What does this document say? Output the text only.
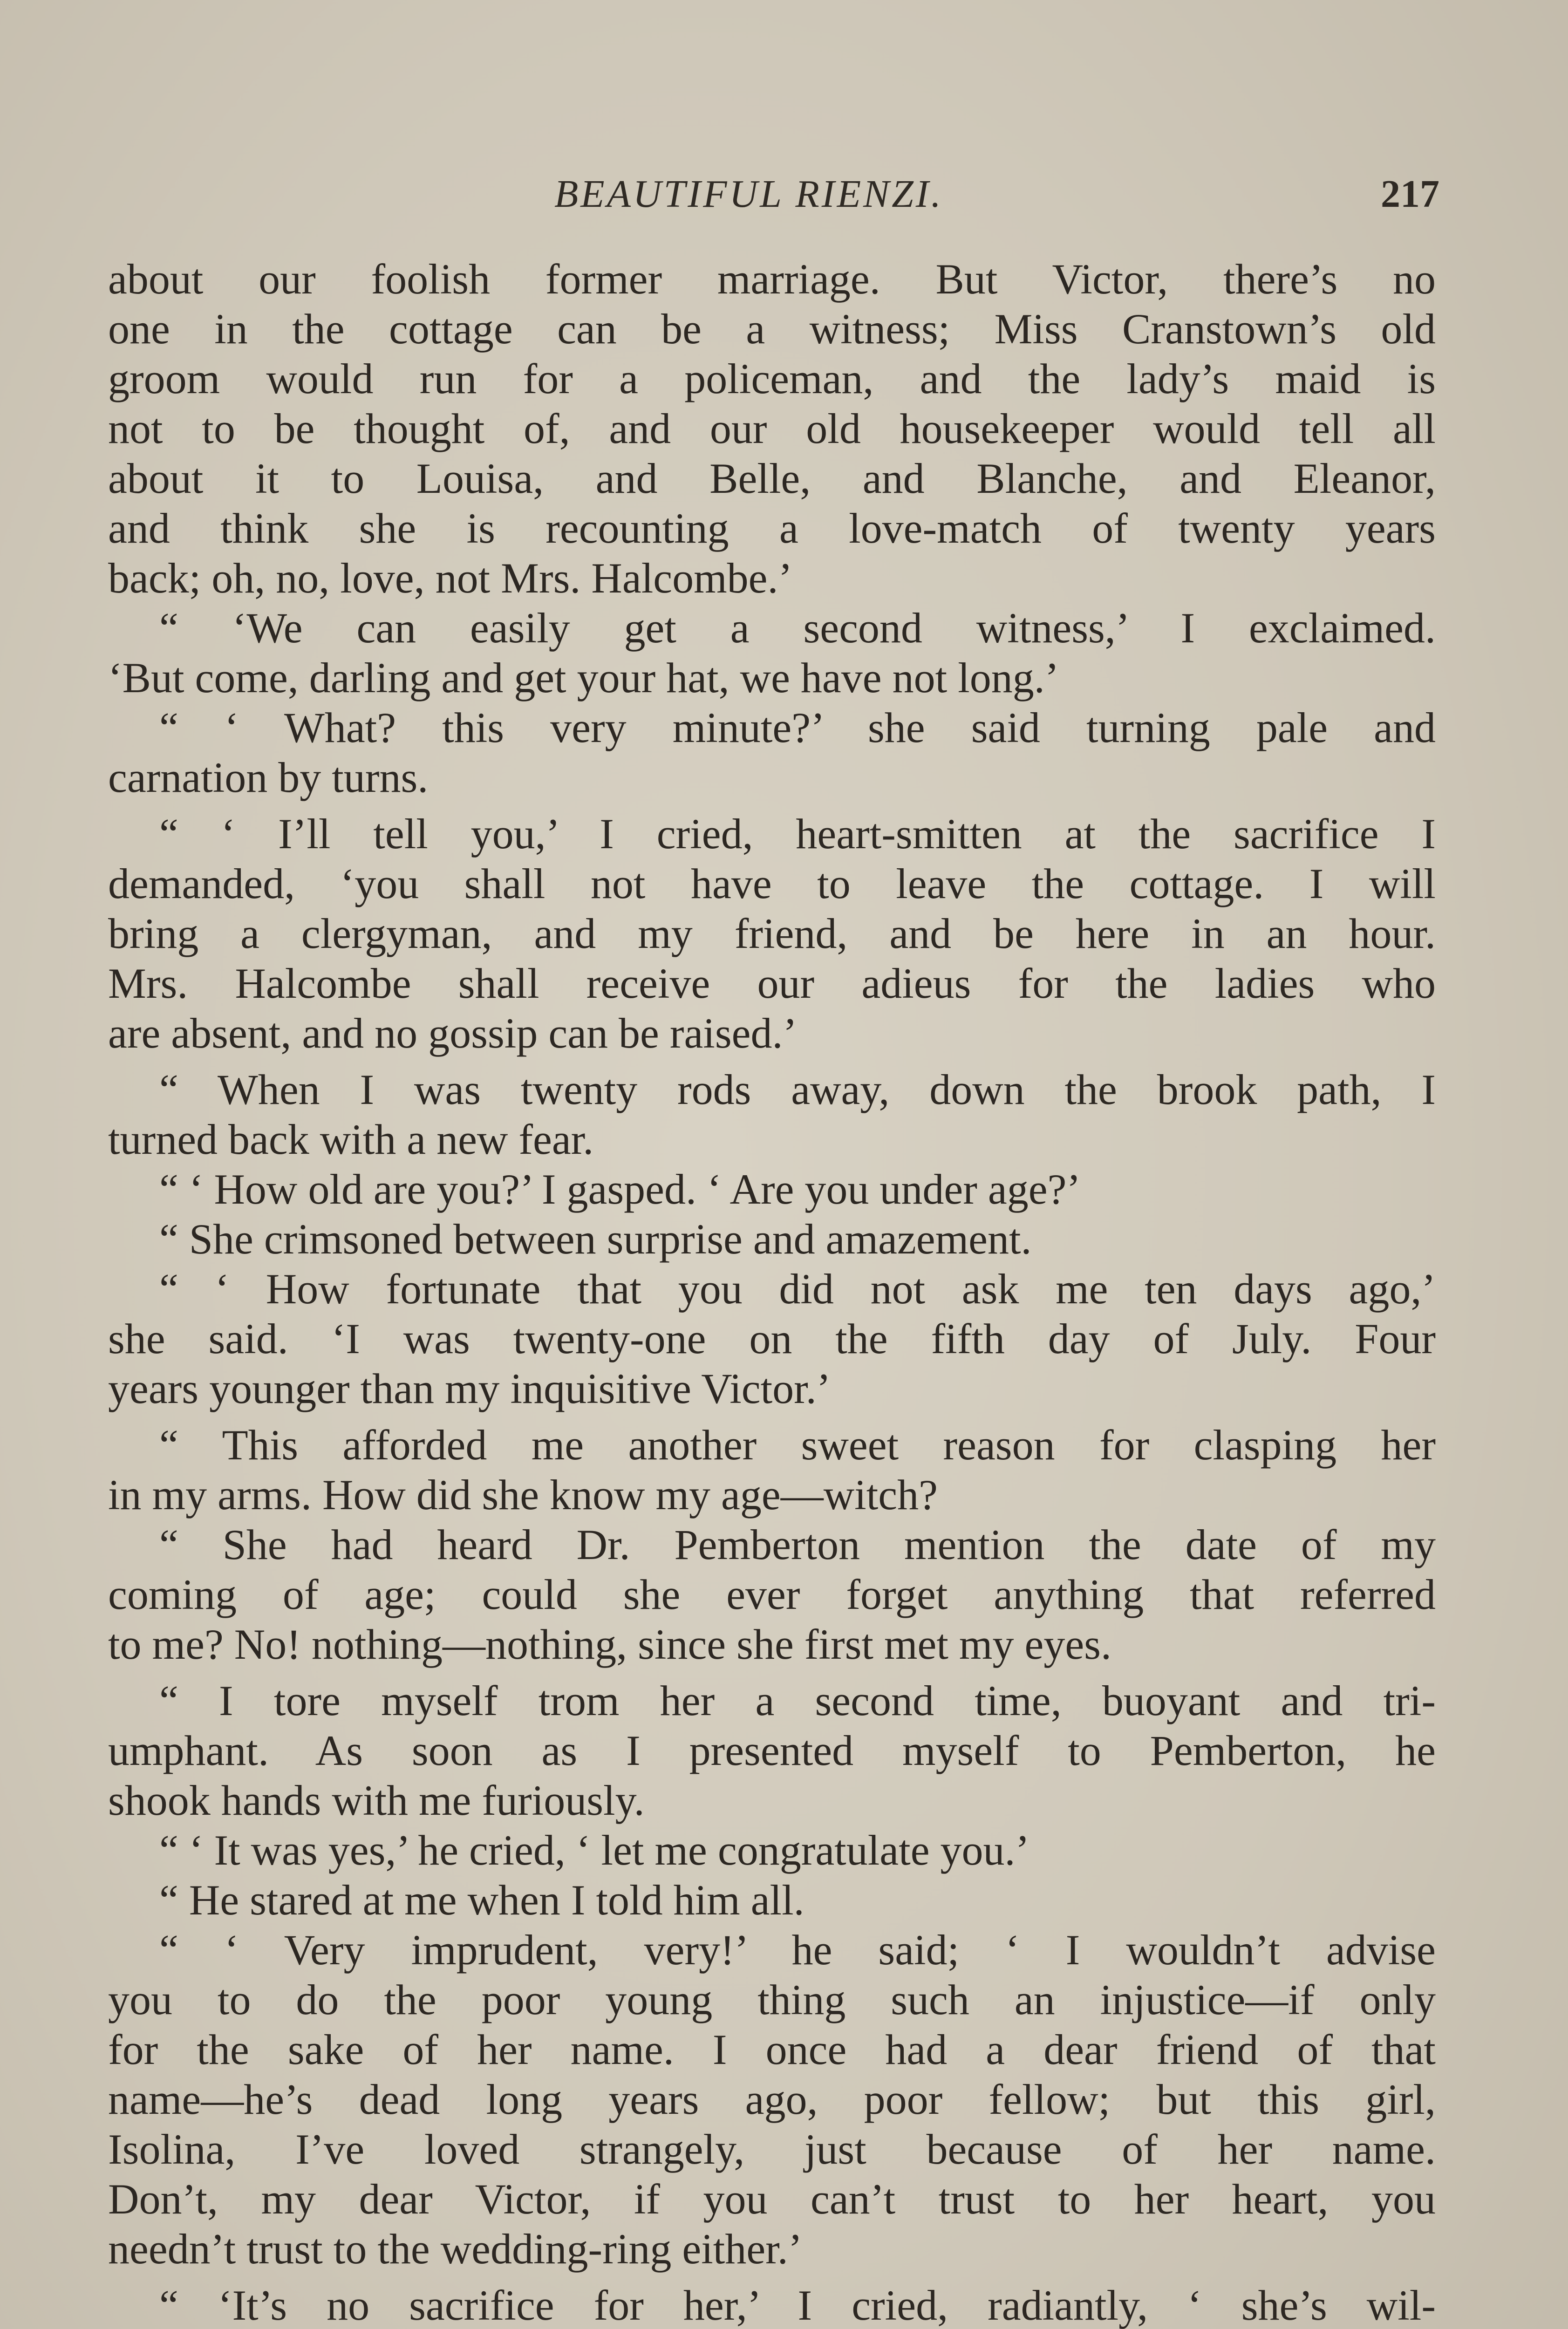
BEAUTIFUL RIENZI.	217
about our foolish former marriage. But Victor, there’s no
one in the cottage can be a witness; Miss Cranstown’s old
groom would run for a policeman, and the lady’s maid is
not to be thought of, and our old housekeeper would tell all
about it to Louisa, and Belle, and Blanche, and Eleanor,
and think she is recounting a love-match of twenty years
back; oh, no, love, not Mrs. Halcombe.’
“ ‘We can easily get a second witness,’ I exclaimed.
‘But come, darling and get your hat, we have not long.’
“ ‘ What? this very minute?’ she said turning pale and
carnation by turns.
“ ‘ I’ll tell you,’ I cried, heart-smitten at the sacrifice I
demanded, ‘you shall not have to leave the cottage. I will
bring a clergyman, and my friend, and be here in an hour.
Mrs. Halcombe shall receive our adieus for the ladies who
are absent, and no gossip can be raised.’
“ When I was twenty rods away, down the brook path, I
turned back with a new fear.
“ ‘ How old are you?’ I gasped. ‘ Are you under age?’
“ She crimsoned between surprise and amazement.
“ ‘ How fortunate that you did not ask me ten days ago,’
she said. ‘I was twenty-one on the fifth day of July. Four
years younger than my inquisitive Victor.’
“ This afforded me another sweet reason for clasping her
in my arms. How did she know my age—witch?
“ She had heard Dr. Pemberton mention the date of my
coming of age; could she ever forget anything that referred
to me? No! nothing—nothing, since she first met my eyes.
“ I tore myself trom her a second time, buoyant and tri-
umphant. As soon as I presented myself to Pemberton, he
shook hands with me furiously.
“ ‘ It was yes,’ he cried, ‘ let me congratulate you.’
“ He stared at me when I told him all.
“ ‘ Very imprudent, very!’ he said; ‘ I wouldn’t advise
you to do the poor young thing such an injustice—if only
for the sake of her name. I once had a dear friend of that
name—he’s dead long years ago, poor fellow; but this girl,
Isolina, I’ve loved strangely, just because of her name.
Don’t, my dear Victor, if you can’t trust to her heart, you
needn’t trust to the wedding-ring either.’
“ ‘It’s no sacrifice for her,’ I cried, radiantly, ‘ she’s wil-
